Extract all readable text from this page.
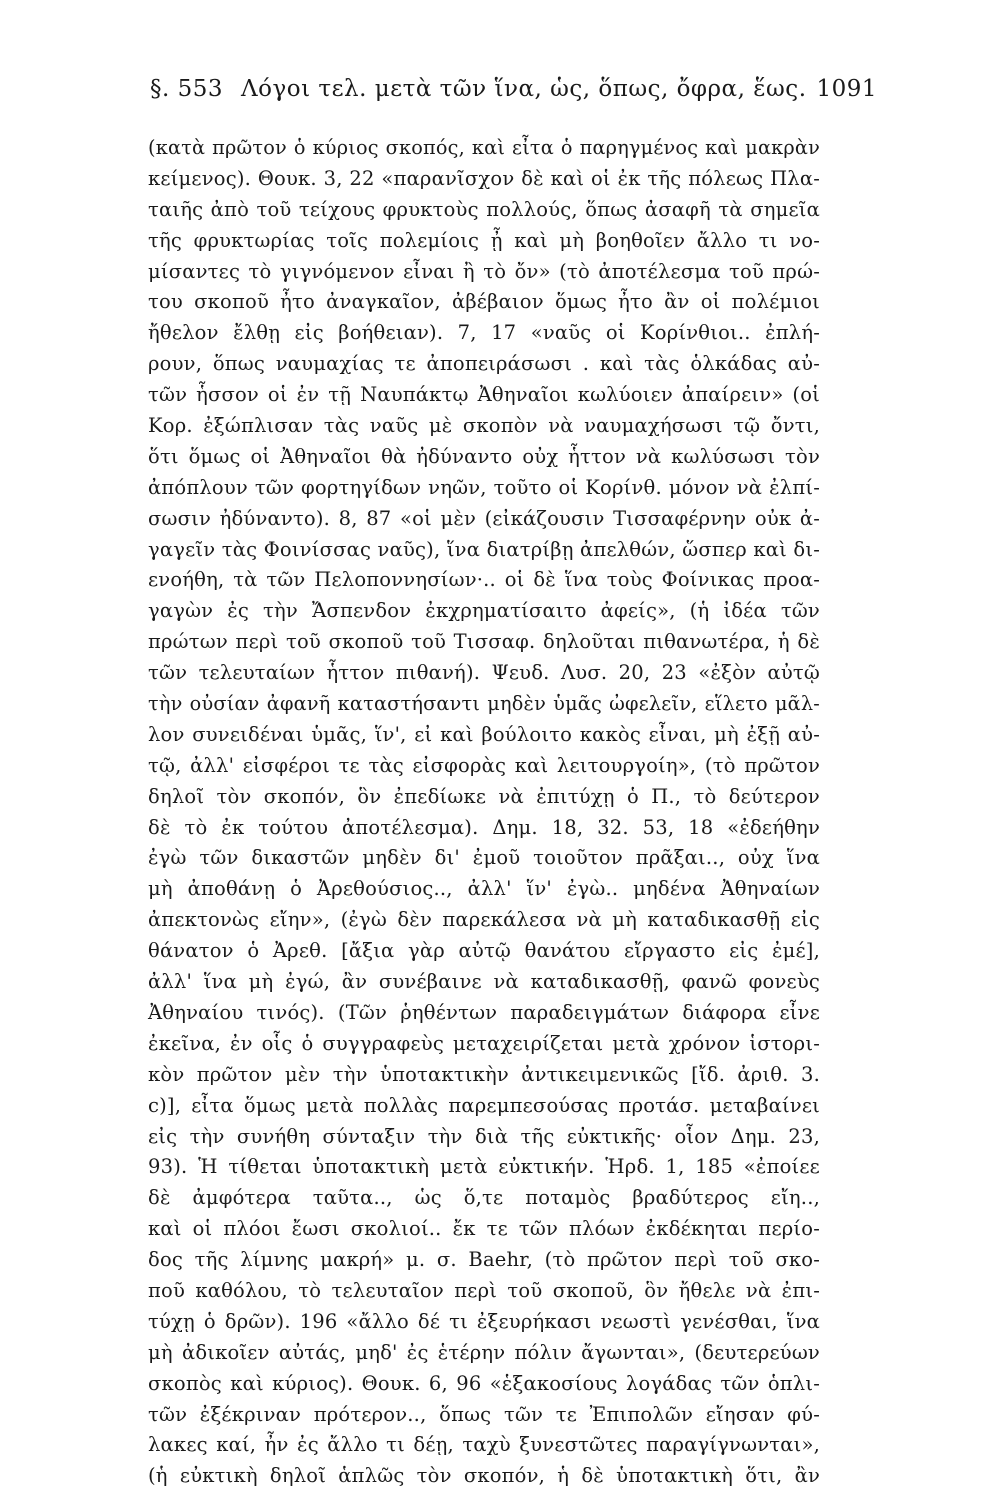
§. 553 Λόγοι τελ. μετὰ τῶν ἵνα, ὡς, ὅπως, ὄφρα, ἕως. 1091
(κατὰ πρῶτον ὁ κύριος σκοπός, καὶ εἶτα ὁ παρηγμένος καὶ μακρὰν
κείμενος). Θουκ. 3, 22 «παρανῖσχον δὲ καὶ οἱ ἐκ τῆς πόλεως Πλα-
ταιῆς ἀπὸ τοῦ τείχους φρυκτοὺς πολλούς, ὅπως ἀσαφῆ τὰ σημεῖα
τῆς φρυκτωρίας τοῖς πολεμίοις ᾖ καὶ μὴ βοηθοῖεν ἄλλο τι νο-
μίσαντες τὸ γιγνόμενον εἶναι ἢ τὸ ὄν» (τὸ ἀποτέλεσμα τοῦ πρώ-
του σκοποῦ ἦτο ἀναγκαῖον, ἀβέβαιον ὅμως ἦτο ἂν οἱ πολέμιοι
ἤθελον ἔλθῃ εἰς βοήθειαν). 7, 17 «ναῦς οἱ Κορίνθιοι.. ἐπλή-
ρουν, ὅπως ναυμαχίας τε ἀποπειράσωσι . καὶ τὰς ὁλκάδας αὐ-
τῶν ἧσσον οἱ ἐν τῇ Ναυπάκτῳ Ἀθηναῖοι κωλύοιεν ἀπαίρειν» (οἱ
Κορ. ἐξώπλισαν τὰς ναῦς μὲ σκοπὸν νὰ ναυμαχήσωσι τῷ ὄντι,
ὅτι ὅμως οἱ Ἀθηναῖοι θὰ ἠδύναντο οὐχ ἧττον νὰ κωλύσωσι τὸν
ἀπόπλουν τῶν φορτηγίδων νηῶν, τοῦτο οἱ Κορίνθ. μόνον νὰ ἐλπί-
σωσιν ἠδύναντο). 8, 87 «οἱ μὲν (εἰκάζουσιν Τισσαφέρνην οὐκ ἀ-
γαγεῖν τὰς Φοινίσσας ναῦς), ἵνα διατρίβῃ ἀπελθών, ὥσπερ καὶ δι-
ενοήθη, τὰ τῶν Πελοποννησίων·.. οἱ δὲ ἵνα τοὺς Φοίνικας προα-
γαγὼν ἐς τὴν Ἄσπενδον ἐκχρηματίσαιτο ἀφείς», (ἡ ἰδέα τῶν
πρώτων περὶ τοῦ σκοποῦ τοῦ Τισσαφ. δηλοῦται πιθανωτέρα, ἡ δὲ
τῶν τελευταίων ἧττον πιθανή). Ψευδ. Λυσ. 20, 23 «ἐξὸν αὐτῷ
τὴν οὐσίαν ἀφανῆ καταστήσαντι μηδὲν ὑμᾶς ὠφελεῖν, εἵλετο μᾶλ-
λον συνειδέναι ὑμᾶς, ἵν', εἰ καὶ βούλοιτο κακὸς εἶναι, μὴ ἐξῇ αὐ-
τῷ, ἀλλ' εἰσφέροι τε τὰς εἰσφορὰς καὶ λειτουργοίη», (τὸ πρῶτον
δηλοῖ τὸν σκοπόν, ὃν ἐπεδίωκε νὰ ἐπιτύχῃ ὁ Π., τὸ δεύτερον
δὲ τὸ ἐκ τούτου ἀποτέλεσμα). Δημ. 18, 32. 53, 18 «ἐδεήθην
ἐγὼ τῶν δικαστῶν μηδὲν δι' ἐμοῦ τοιοῦτον πρᾶξαι.., οὐχ ἵνα
μὴ ἀποθάνῃ ὁ Ἀρεθούσιος.., ἀλλ' ἵν' ἐγὼ.. μηδένα Ἀθηναίων
ἀπεκτονὼς εἴην», (ἐγὼ δὲν παρεκάλεσα νὰ μὴ καταδικασθῇ εἰς
θάνατον ὁ Ἀρεθ. [ἄξια γὰρ αὐτῷ θανάτου εἴργαστο εἰς ἐμέ],
ἀλλ' ἵνα μὴ ἐγώ, ἂν συνέβαινε νὰ καταδικασθῇ, φανῶ φονεὺς
Ἀθηναίου τινός). (Τῶν ῥηθέντων παραδειγμάτων διάφορα εἶνε
ἐκεῖνα, ἐν οἷς ὁ συγγραφεὺς μεταχειρίζεται μετὰ χρόνον ἱστορι-
κὸν πρῶτον μὲν τὴν ὑποτακτικὴν ἀντικειμενικῶς [ἴδ. ἀριθ. 3.
c)], εἶτα ὅμως μετὰ πολλὰς παρεμπεσούσας προτάσ. μεταβαίνει
εἰς τὴν συνήθη σύνταξιν τὴν διὰ τῆς εὐκτικῆς· οἷον Δημ. 23,
93). Ἡ τίθεται ὑποτακτικὴ μετὰ εὐκτικήν. Ἡρδ. 1, 185 «ἐποίεε
δὲ ἀμφότερα ταῦτα.., ὡς ὅ,τε ποταμὸς βραδύτερος εἴη..,
καὶ οἱ πλόοι ἔωσι σκολιοί.. ἔκ τε τῶν πλόων ἐκδέκηται περίο-
δος τῆς λίμνης μακρή» μ. σ. Baehr, (τὸ πρῶτον περὶ τοῦ σκο-
ποῦ καθόλου, τὸ τελευταῖον περὶ τοῦ σκοποῦ, ὃν ἤθελε νὰ ἐπι-
τύχῃ ὁ δρῶν). 196 «ἄλλο δέ τι ἐξευρήκασι νεωστὶ γενέσθαι, ἵνα
μὴ ἀδικοῖεν αὐτάς, μηδ' ἐς ἑτέρην πόλιν ἄγωνται», (δευτερεύων
σκοπὸς καὶ κύριος). Θουκ. 6, 96 «ἑξακοσίους λογάδας τῶν ὁπλι-
τῶν ἐξέκριναν πρότερον.., ὅπως τῶν τε Ἐπιπολῶν εἴησαν φύ-
λακες καί, ἦν ἐς ἄλλο τι δέῃ, ταχὺ ξυνεστῶτες παραγίγνωνται»,
(ἡ εὐκτικὴ δηλοῖ ἁπλῶς τὸν σκοπόν, ἡ δὲ ὑποτακτικὴ ὅτι, ἂν
